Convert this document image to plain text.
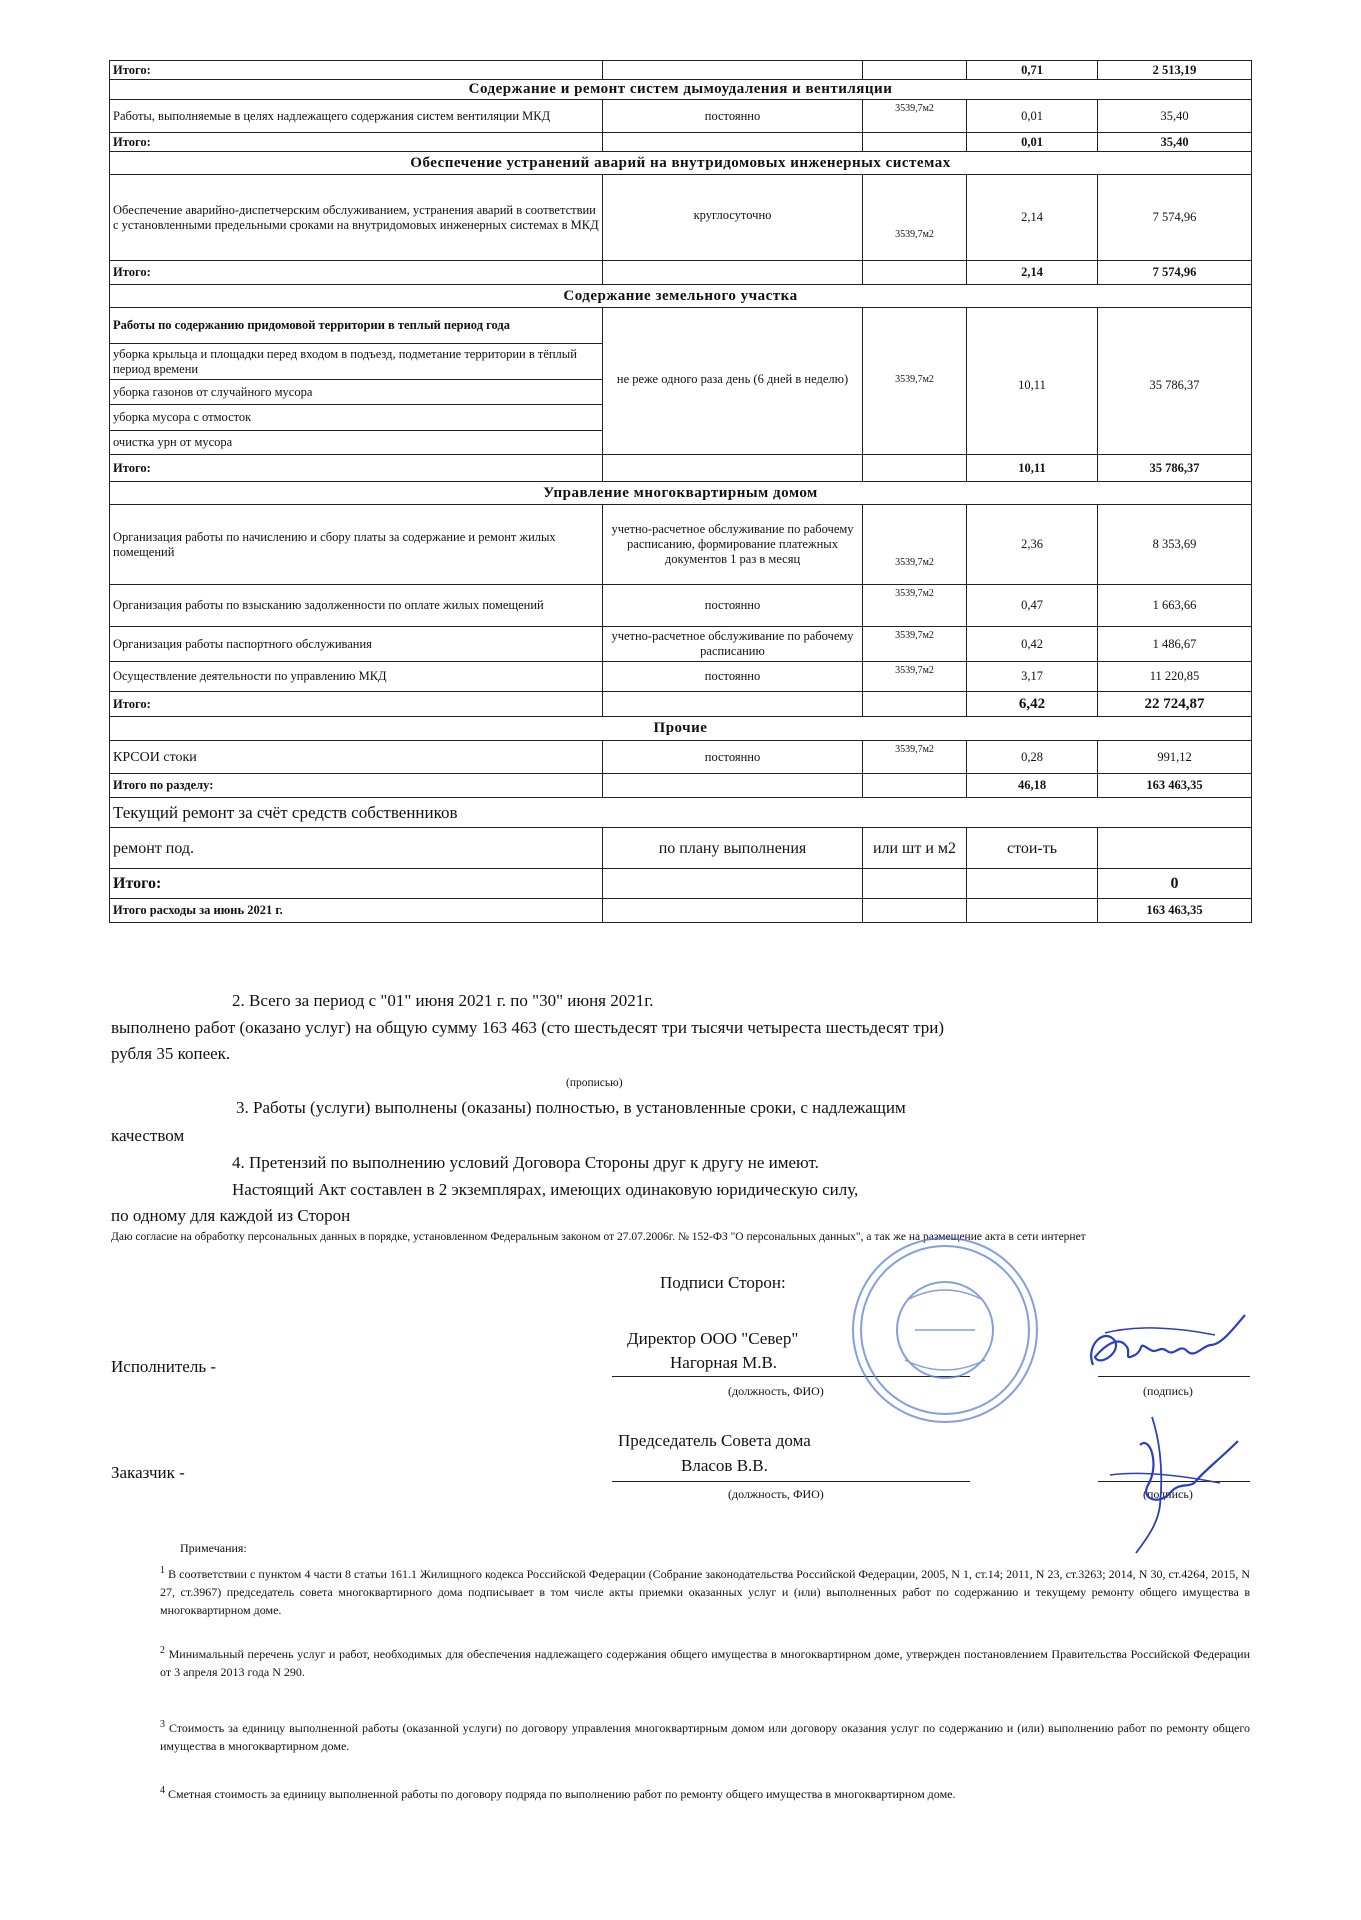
Итого:			0,71	2 513,19
Содержание и ремонт систем дымоудаления и вентиляции				
Работы, выполняемые в целях надлежащего содержания систем вентиляции МКД	постоянно	3539,7м2	0,01	35,40
Итого:			0,01	35,40
Обеспечение устранений аварий на внутридомовых инженерных системах				
Обеспечение аварийно-диспетчерским обслуживанием, устранения аварий в соответствии с установленными предельными сроками на внутридомовых инженерных системах в МКД	круглосуточно	3539,7м2	2,14	7 574,96
Итого:			2,14	7 574,96
Содержание земельного участка				
Работы по содержанию придомовой территории в теплый период года	не реже одного раза день (6 дней в неделю)	3539,7м2	10,11	35 786,37
уборка крыльца и площадки перед входом в подъезд, подметание территории в тёплый период времени				
уборка газонов от случайного мусора				
уборка мусора с отмосток				
очистка урн от мусора				
Итого:			10,11	35 786,37
Управление многоквартирным домом				
Организация работы по начислению и сбору платы за содержание и ремонт жилых помещений	учетно-расчетное обслуживание по рабочему расписанию, формирование платежных документов 1 раз в месяц	3539,7м2	2,36	8 353,69
Организация работы по взысканию задолженности по оплате жилых помещений	постоянно	3539,7м2	0,47	1 663,66
Организация работы паспортного обслуживания	учетно-расчетное обслуживание по рабочему расписанию	3539,7м2	0,42	1 486,67
Осуществление деятельности по управлению МКД	постоянно	3539,7м2	3,17	11 220,85
Итого:			6,42	22 724,87
Прочие				
КРСОИ стоки	постоянно	3539,7м2	0,28	991,12
Итого по разделу:			46,18	163 463,35
Текущий ремонт за счёт средств собственников				
ремонт под.	по плану выполнения	или шт и м2	стои-ть	
Итого:				0
Итого расходы за июнь 2021 г.				163 463,35
2. Всего за период с "01" июня 2021 г. по "30" июня 2021г.
выполнено работ (оказано услуг) на общую сумму 163 463 (сто шестьдесят три тысячи четыреста шестьдесят три)
рубля 35 копеек.
(прописью)
3. Работы (услуги) выполнены (оказаны) полностью, в установленные сроки, с надлежащим
качеством
4. Претензий по выполнению условий Договора Стороны друг к другу не имеют.
Настоящий Акт составлен в 2 экземплярах, имеющих одинаковую юридическую силу,
по одному для каждой из Сторон
Даю согласие на обработку персональных данных в порядке, установленном Федеральным законом от 27.07.2006г. № 152-ФЗ "О персональных данных", а так же на размещение акта в сети интернет
Подписи Сторон:
Исполнитель -
Директор ООО "Север"
Нагорная М.В.
(должность, ФИО)	(подпись)
Заказчик -
Председатель Совета дома
Власов В.В.
(должность, ФИО)	(подпись)
Примечания:
$^1$ В соответствии с пунктом 4 части 8 статьи 161.1 Жилищного кодекса Российской Федерации (Собрание законодательства Российской Федерации, 2005, N 1, ст.14; 2011, N 23, ст.3263; 2014, N 30, ст.4264, 2015, N 27, ст.3967) председатель совета многоквартирного дома подписывает в том числе акты приемки оказанных услуг и (или) выполненных работ по содержанию и текущему ремонту общего имущества в многоквартирном доме.
$^2$ Минимальный перечень услуг и работ, необходимых для обеспечения надлежащего содержания общего имущества в многоквартирном доме, утвержден постановлением Правительства Российской Федерации от 3 апреля 2013 года N 290.
$^3$ Стоимость за единицу выполненной работы (оказанной услуги) по договору управления многоквартирным домом или договору оказания услуг по содержанию и (или) выполнению работ по ремонту общего имущества в многоквартирном доме.
$^4$ Сметная стоимость за единицу выполненной работы по договору подряда по выполнению работ по ремонту общего имущества в многоквартирном доме.
